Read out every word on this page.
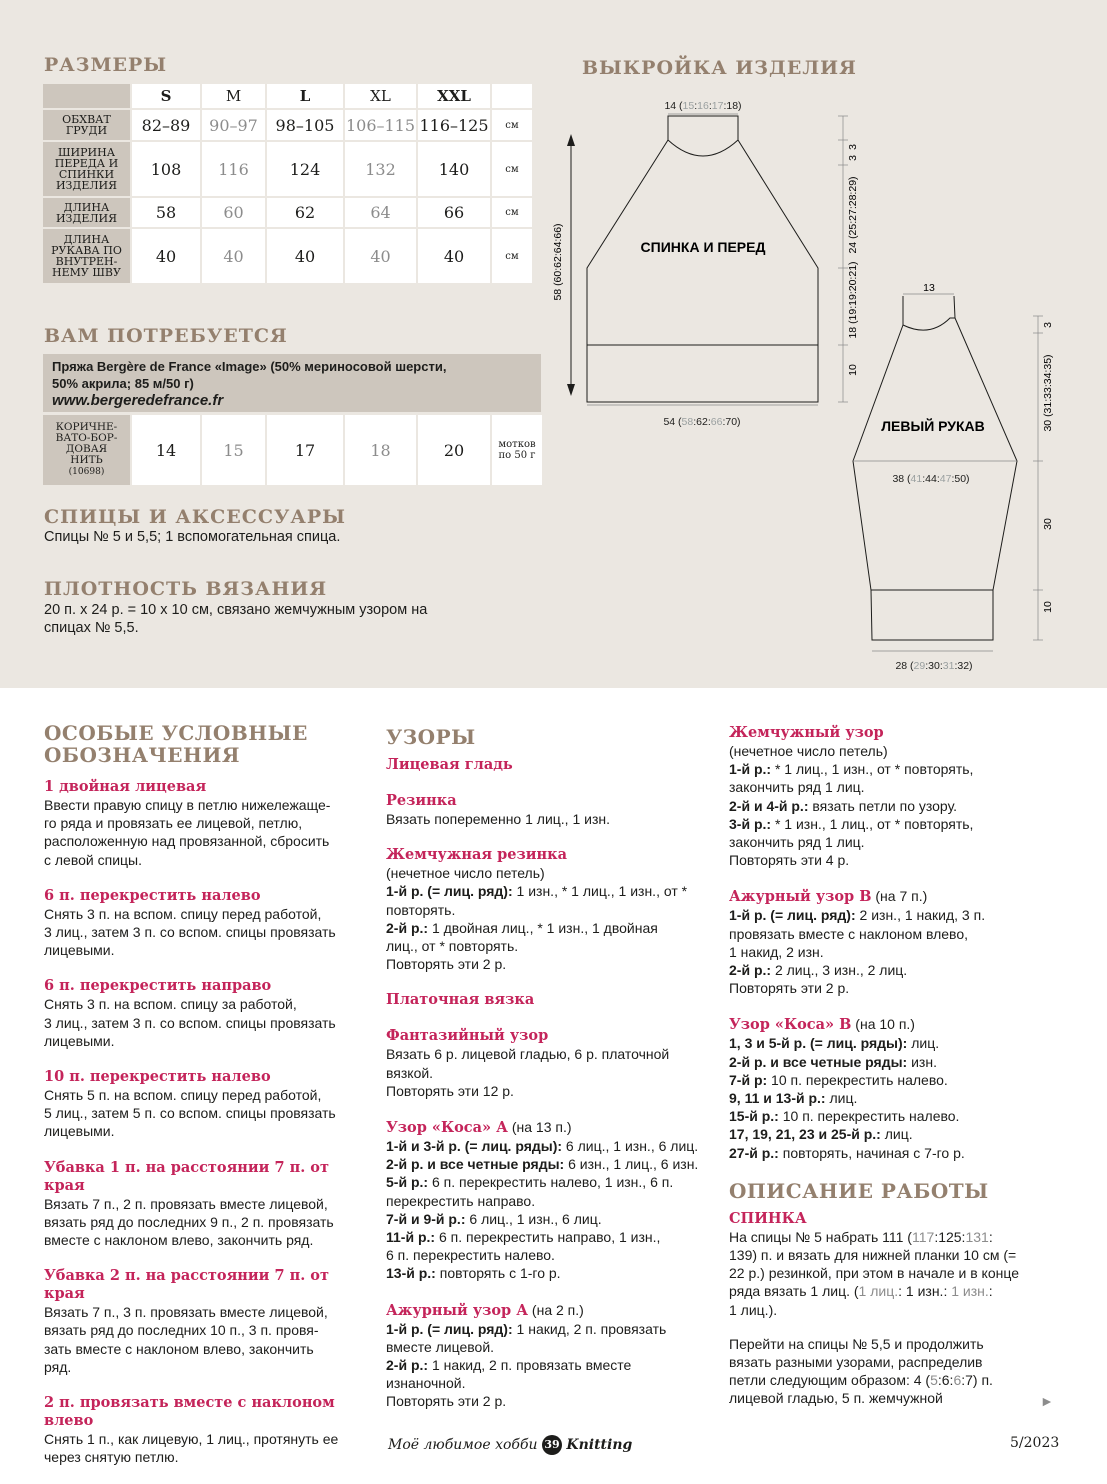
РАЗМЕРЫ
	S	M	L	XL	XXL	
ОБХВАТ
ГРУДИ	82–89	90–97	98–105	106–115	116–125	см
ШИРИНА
ПЕРЕДА И
СПИНКИ
ИЗДЕЛИЯ	108	116	124	132	140	см
ДЛИНА
ИЗДЕЛИЯ	58	60	62	64	66	см
ДЛИНА
РУКАВА ПО
ВНУТРЕН-
НЕМУ ШВУ	40	40	40	40	40	см
ВАМ ПОТРЕБУЕТСЯ
Пряжа Bergère de France «Image» (50% мериносовой шерсти,
50% акрила; 85 м/50 г)
www.bergeredefrance.fr
КОРИЧНЕ-
ВАТО-БОР-
ДОВАЯ
НИТЬ
(10698)	14	15	17	18	20	мотков
по 50 г
СПИЦЫ И АКСЕССУАРЫ

Спицы № 5 и 5,5; 1 вспомогательная спица.

ПЛОТНОСТЬ ВЯЗАНИЯ

20 п. х 24 р. = 10 х 10 см, связано жемчужным узором на
спицах № 5,5.

ВЫКРОЙКА ИЗДЕЛИЯ
СПИНКА И ПЕРЕД
ЛЕВЫЙ РУКАВ
14 (15:16:17:18)
54 (58:62:66:70)
58 (60:62:64:66)
24 (25:27:28:29)
18 (19:19:20:21)
10
3
3
13
3
30 (31:33:34:35)
38 (41:44:47:50)
30
10
28 (29:30:31:32)
ОСОБЫЕ УСЛОВНЫЕ
ОБОЗНАЧЕНИЯ
1 двойная лицевая

Ввести правую спицу в петлю нижележаще-
го ряда и провязать ее лицевой, петлю,
расположенную над провязанной, сбросить
с левой спицы.

6 п. перекрестить налево

Снять 3 п. на вспом. спицу перед работой,
3 лиц., затем 3 п. со вспом. спицы провязать
лицевыми.

6 п. перекрестить направо

Снять 3 п. на вспом. спицу за работой,
3 лиц., затем 3 п. со вспом. спицы провязать
лицевыми.

10 п. перекрестить налево

Снять 5 п. на вспом. спицу перед работой,
5 лиц., затем 5 п. со вспом. спицы провязать
лицевыми.

Убавка 1 п. на расстоянии 7 п. от края

Вязать 7 п., 2 п. провязать вместе лицевой,
вязать ряд до последних 9 п., 2 п. провязать
вместе с наклоном влево, закончить ряд.

Убавка 2 п. на расстоянии 7 п. от края

Вязать 7 п., 3 п. провязать вместе лицевой,
вязать ряд до последних 10 п., 3 п. провя-
зать вместе с наклоном влево, закончить
ряд.

2 п. провязать вместе с наклоном влево

Снять 1 п., как лицевую, 1 лиц., протянуть ее
через снятую петлю.

УЗОРЫ
Лицевая гладь
Резинка

Вязать попеременно 1 лиц., 1 изн.

Жемчужная резинка

(нечетное число петель)
1-й р. (= лиц. ряд): 1 изн., * 1 лиц., 1 изн., от *
повторять.
2-й р.: 1 двойная лиц., * 1 изн., 1 двойная
лиц., от * повторять.
Повторять эти 2 р.

Платочная вязка
Фантазийный узор

Вязать 6 р. лицевой гладью, 6 р. платочной
вязкой.
Повторять эти 12 р.

Узор «Коса» А (на 13 п.)

1-й и 3-й р. (= лиц. ряды): 6 лиц., 1 изн., 6 лиц.
2-й р. и все четные ряды: 6 изн., 1 лиц., 6 изн.
5-й р.: 6 п. перекрестить налево, 1 изн., 6 п.
перекрестить направо.
7-й и 9-й р.: 6 лиц., 1 изн., 6 лиц.
11-й р.: 6 п. перекрестить направо, 1 изн.,
6 п. перекрестить налево.
13-й р.: повторять с 1-го р.

Ажурный узор А (на 2 п.)

1-й р. (= лиц. ряд): 1 накид, 2 п. провязать
вместе лицевой.
2-й р.: 1 накид, 2 п. провязать вместе
изнаночной.
Повторять эти 2 р.

Жемчужный узор

(нечетное число петель)
1-й р.: * 1 лиц., 1 изн., от * повторять,
закончить ряд 1 лиц.
2-й и 4-й р.: вязать петли по узору.
3-й р.: * 1 изн., 1 лиц., от * повторять,
закончить ряд 1 лиц.
Повторять эти 4 р.

Ажурный узор В (на 7 п.)

1-й р. (= лиц. ряд): 2 изн., 1 накид, 3 п.
провязать вместе с наклоном влево,
1 накид, 2 изн.
2-й р.: 2 лиц., 3 изн., 2 лиц.
Повторять эти 2 р.

Узор «Коса» В (на 10 п.)

1, 3 и 5-й р. (= лиц. ряды): лиц.
2-й р. и все четные ряды: изн.
7-й р: 10 п. перекрестить налево.
9, 11 и 13-й р.: лиц.
15-й р.: 10 п. перекрестить налево.
17, 19, 21, 23 и 25-й р.: лиц.
27-й р.: повторять, начиная с 7-го р.

ОПИСАНИЕ РАБОТЫ
СПИНКА

На спицы № 5 набрать 111 (117:125:131:
139) п. и вязать для нижней планки 10 см (=
22 р.) резинкой, при этом в начале и в конце
ряда вязать 1 лиц. (1 лиц.: 1 изн.: 1 изн.:
1 лиц.).

Перейти на спицы № 5,5 и продолжить
вязать разными узорами, распределив
петли следующим образом: 4 (5:6:6:7) п.
лицевой гладью, 5 п. жемчужной	►
Моё любимое хобби 39 Knitting	5/2023
